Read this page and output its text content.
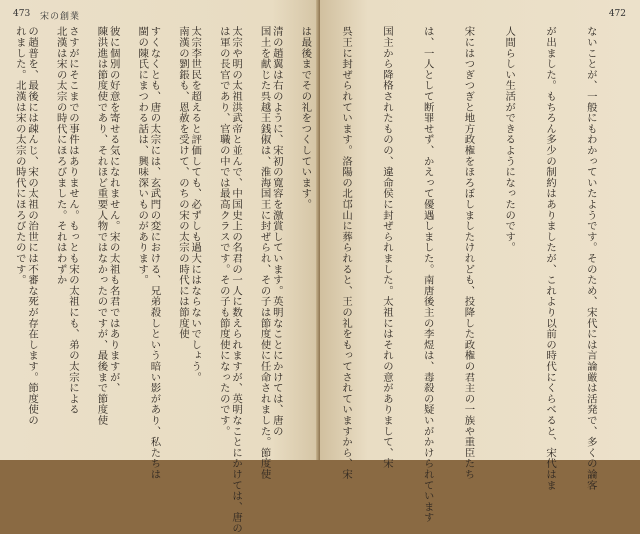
473 宋の創業

清の趙翼は右のように、宋初の寛容を激賞しています。英明なことにかけては、唐の

太宗や明の太祖洪武帝と並んで、中国史上の名君の一人に数えられますが、英明なことにかけては、唐の

太宗李世民を超えると評価しても、必ずしも過大にはならないでしょう。

すくなくとも、唐の太宗には、玄武門の変における、兄弟殺しという暗い影があり、私たちは

彼に個別の好意を寄せる気になれません。宋の太祖も名君ではありますが、

さすがにそこまでの事件はありません。もっとも宋の太祖にも、弟の太宗による

の趙普を、最後には疎んじ、宋の太祖の治世には不審な死が存在します。節度使の

472

ないことが、一般にもわかっていたようです。そのため、宋代には言論厳は活発で、多くの論客

が出ました。もちろん多少の制約はありましたが、これより以前の時代にくらべると、宋代はま

人間らしい生活ができるようになったのです。

宋にはつぎつぎと地方政権をほろぼしましたけれども、投降した政権の君主の一族や重臣たち

は、一人として断罪せず、かえって優遇しました。南唐後主の李煜は、毒殺の疑いがかけられています

国主から降格されたものの、違命侯に封ぜられました。太祖にはそれの意がありまして、宋

呉王に封ぜられています。洛陽の北邙山に葬られると、王の礼をもってされていますから、宋

は最後までその礼をつくしています。

国土を献じた呉越王銭俶は、淮海国王に封ぜられ、その子は節度使に任命されました。節度使

は軍の長官であり、官職の中では最高クラスです。その子も節度使になったのです。

南漢の劉鋹も、恩赦を受けて、のちの宋の太宗の時代には節度使

閩の陳氏にまつわる話は、興味深いものがあります。

陳洪進は節度使であり、それほど重要人物ではなかったのですが、最後まで節度使

北漢は宋の太宗の時代にほろびました。それはわずか

れました。北漢は宋の太宗の時代にほろびたのです。
